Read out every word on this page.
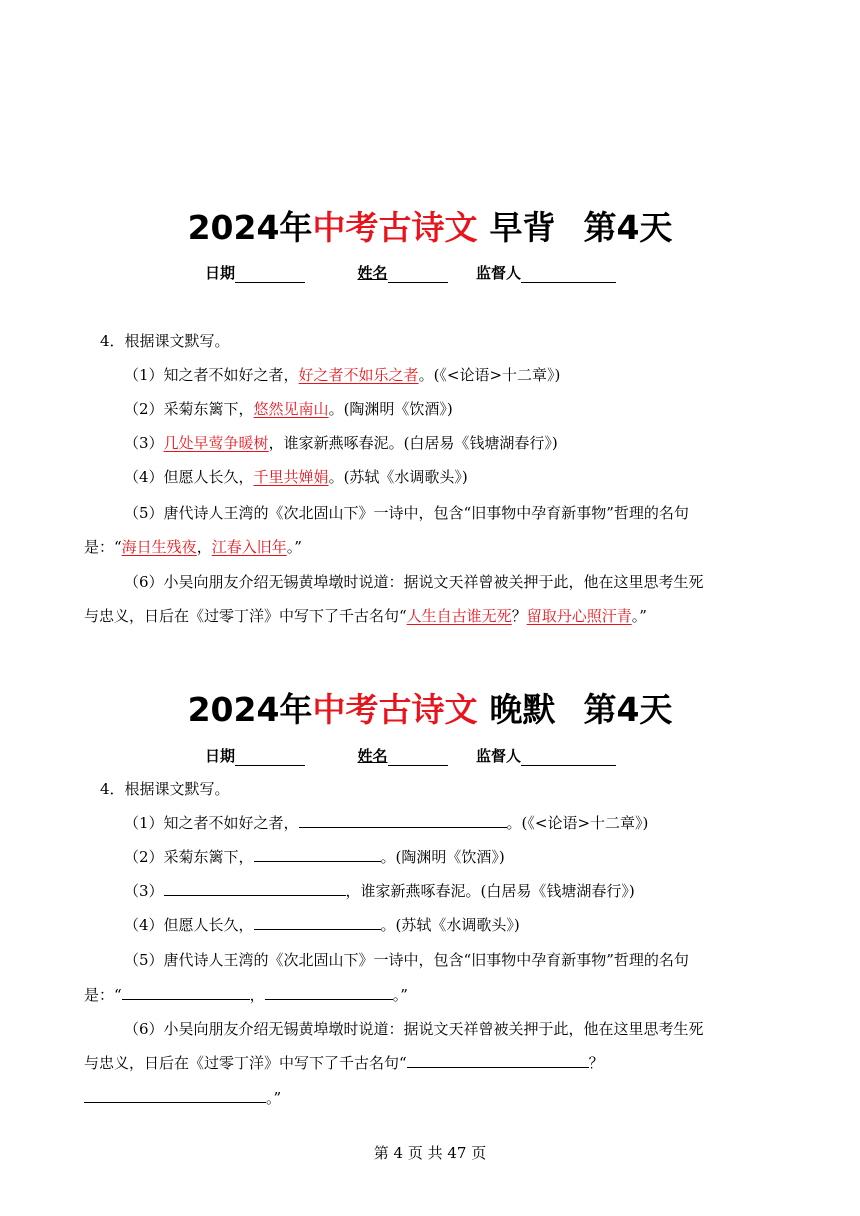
2024年中考古诗文 早背 第4天
日期	姓名	监督人
4．根据课文默写。
（1）知之者不如好之者，好之者不如乐之者。(《<论语>十二章》)
（2）采菊东篱下，悠然见南山。(陶渊明《饮酒》)
（3）几处早莺争暖树，谁家新燕啄春泥。(白居易《钱塘湖春行》)
（4）但愿人长久，千里共婵娟。(苏轼《水调歌头》)
（5）唐代诗人王湾的《次北固山下》一诗中，包含“旧事物中孕育新事物”哲理的名句
是：“海日生残夜，江春入旧年。”
（6）小吴向朋友介绍无锡黄埠墩时说道：据说文天祥曾被关押于此，他在这里思考生死
与忠义，日后在《过零丁洋》中写下了千古名句“人生自古谁无死？留取丹心照汗青。”
2024年中考古诗文 晚默 第4天
日期	姓名	监督人
4．根据课文默写。
（1）知之者不如好之者，	。(《<论语>十二章》)
（2）采菊东篱下，	。(陶渊明《饮酒》)
（3）	，谁家新燕啄春泥。(白居易《钱塘湖春行》)
（4）但愿人长久，	。(苏轼《水调歌头》)
（5）唐代诗人王湾的《次北固山下》一诗中，包含“旧事物中孕育新事物”哲理的名句
是：“	，	。”
（6）小吴向朋友介绍无锡黄埠墩时说道：据说文天祥曾被关押于此，他在这里思考生死
与忠义，日后在《过零丁洋》中写下了千古名句“	？
。”
第 4 页 共 47 页
